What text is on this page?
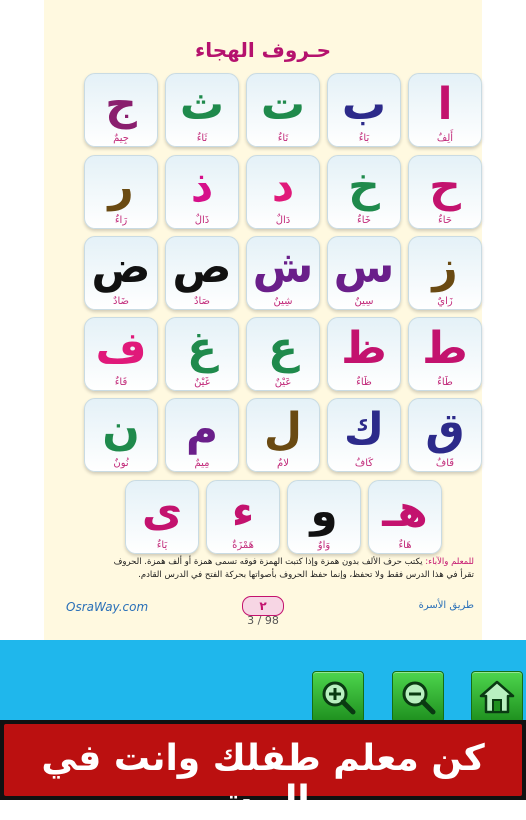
حـروف الهجاء
ا
أَلِفٌ
ب
بَاءٌ
ت
تَاءٌ
ث
ثَاءٌ
ج
جِيمٌ
ح
حَاءٌ
خ
خَاءٌ
د
دَالٌ
ذ
ذَالٌ
ر
رَاءٌ
ز
زَايٌ
س
سِينٌ
ش
شِينٌ
ص
صَادٌ
ض
ضَادٌ
ط
طَاءٌ
ظ
ظَاءٌ
ع
عَيْنٌ
غ
غَيْنٌ
ف
فَاءٌ
ق
قَافٌ
ك
كَافٌ
ل
لامٌ
م
مِيمٌ
ن
نُونٌ
هـ
هَاءٌ
و
وَاوٌ
ء
هَمْزَةٌ
ى
يَاءٌ
للمعلم والآباء: يكتب حرف الألف بدون همزة وإذا كتبت الهمزة فوقه تسمى همزة أو ألف همزة. الحروف
تقرأ في هذا الدرس فقط ولا تحفظ، وإنما حفظ الحروف بأصواتها بحركة الفتح في الدرس القادم.
OsraWay.com	٢	طريق الأسرة
3 / 98
كن معلم طفلك وانت في البيت
